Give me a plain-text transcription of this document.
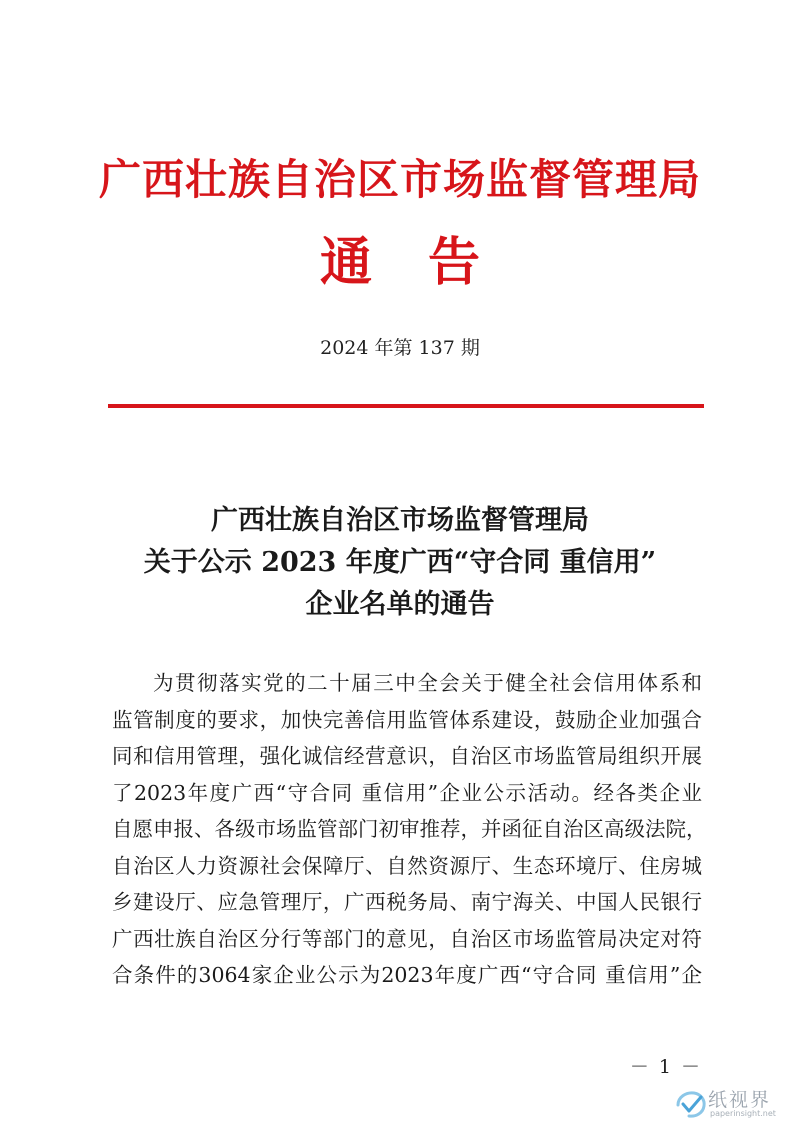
广西壮族自治区市场监督管理局
通 告
2024 年第 137 期
广西壮族自治区市场监督管理局
关于公示 2023 年度广西“守合同 重信用”
企业名单的通告
为贯彻落实党的二十届三中全会关于健全社会信用体系和
监管制度的要求，加快完善信用监管体系建设，鼓励企业加强合
同和信用管理，强化诚信经营意识，自治区市场监管局组织开展
了2023年度广西“守合同 重信用”企业公示活动。经各类企业
自愿申报、各级市场监管部门初审推荐，并函征自治区高级法院，
自治区人力资源社会保障厅、自然资源厅、生态环境厅、住房城
乡建设厅、应急管理厅，广西税务局、南宁海关、中国人民银行
广西壮族自治区分行等部门的意见，自治区市场监管局决定对符
合条件的3064家企业公示为2023年度广西“守合同 重信用”企
－ 1 －
纸视界
paperinsight.net
